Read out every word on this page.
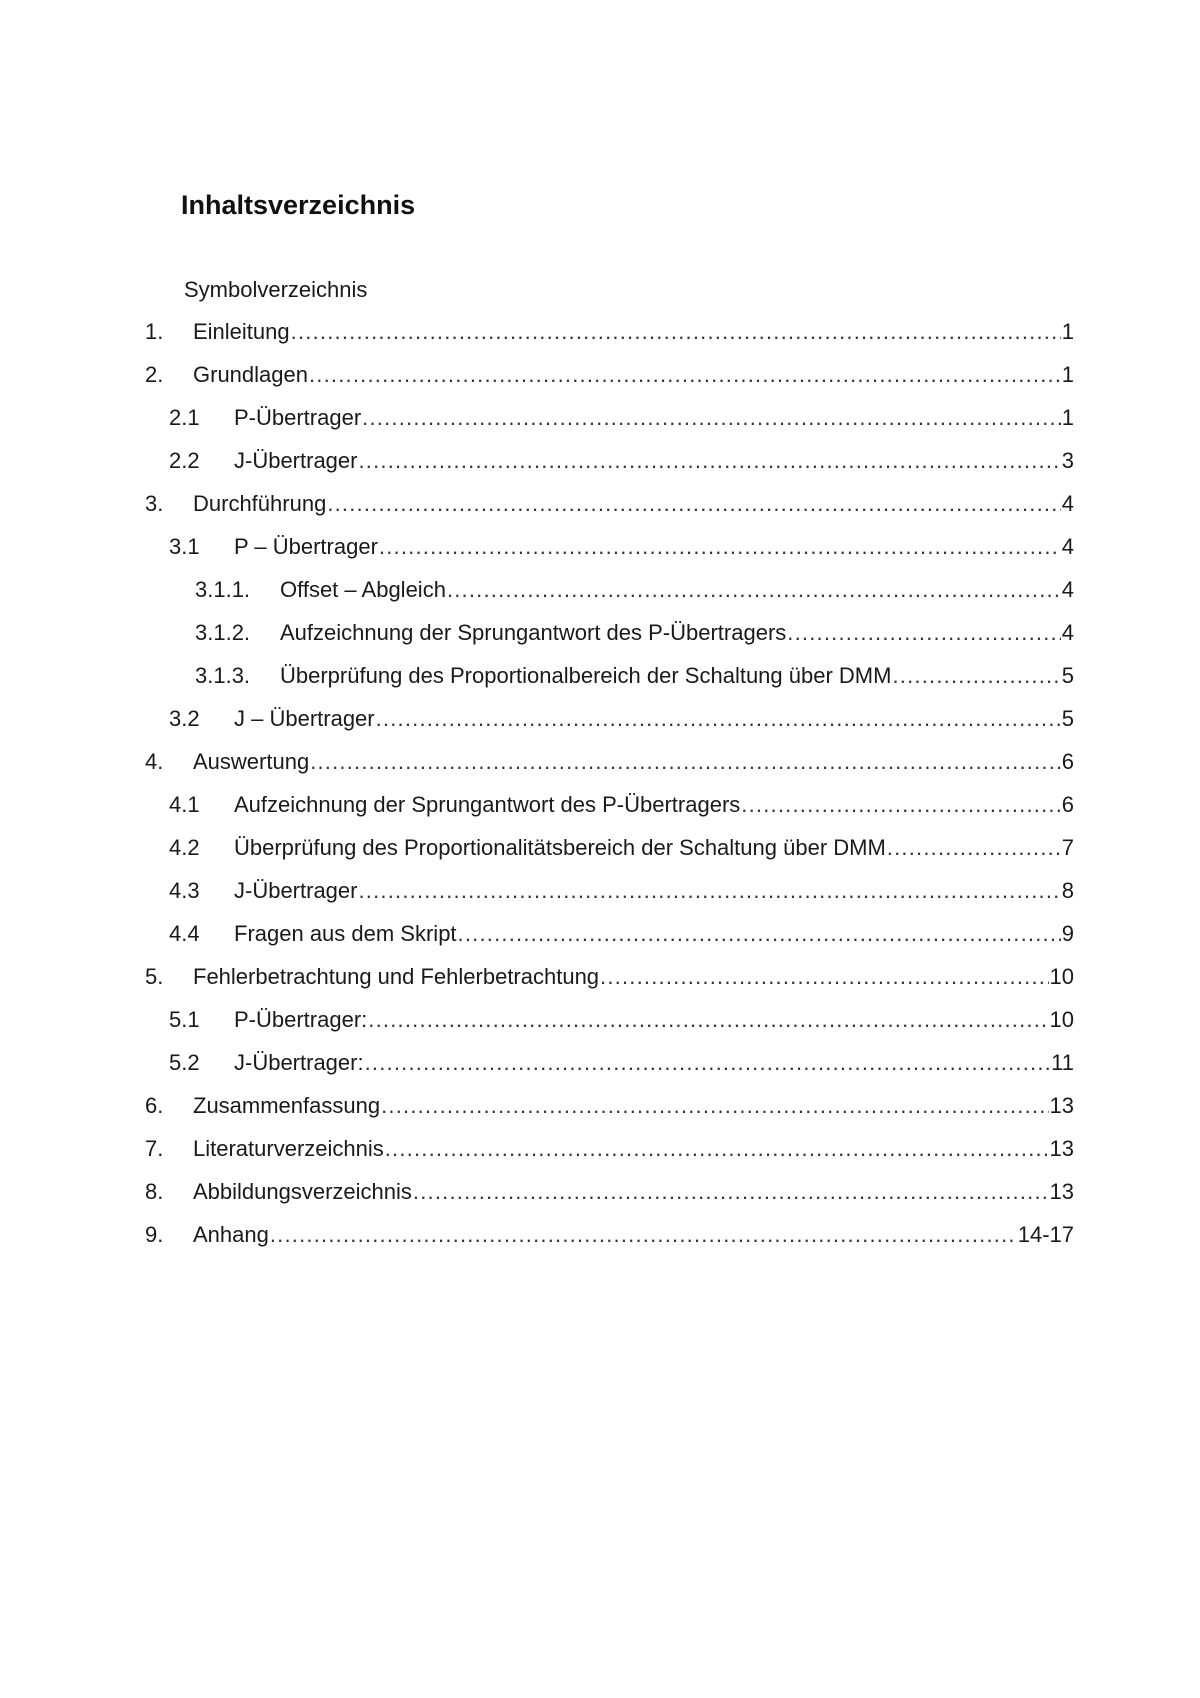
Inhaltsverzeichnis
Symbolverzeichnis
1.	Einleitung .....	1
2.	Grundlagen .....	1
2.1	P-Übertrager .....	1
2.2	J-Übertrager .....	3
3.	Durchführung .....	4
3.1	P – Übertrager .....	4
3.1.1.	Offset – Abgleich .....	4
3.1.2.	Aufzeichnung der Sprungantwort des P-Übertragers .....	4
3.1.3.	Überprüfung des Proportionalbereich der Schaltung über DMM .....	5
3.2	J – Übertrager .....	5
4.	Auswertung .....	6
4.1	Aufzeichnung der Sprungantwort des P-Übertragers .....	6
4.2	Überprüfung des Proportionalitätsbereich der Schaltung über DMM .....	7
4.3	J-Übertrager .....	8
4.4	Fragen aus dem Skript .....	9
5.	Fehlerbetrachtung und Fehlerbetrachtung .....	10
5.1	P-Übertrager: .....	10
5.2	J-Übertrager: .....	11
6.	Zusammenfassung .....	13
7.	Literaturverzeichnis .....	13
8.	Abbildungsverzeichnis .....	13
9.	Anhang .....	14-17
